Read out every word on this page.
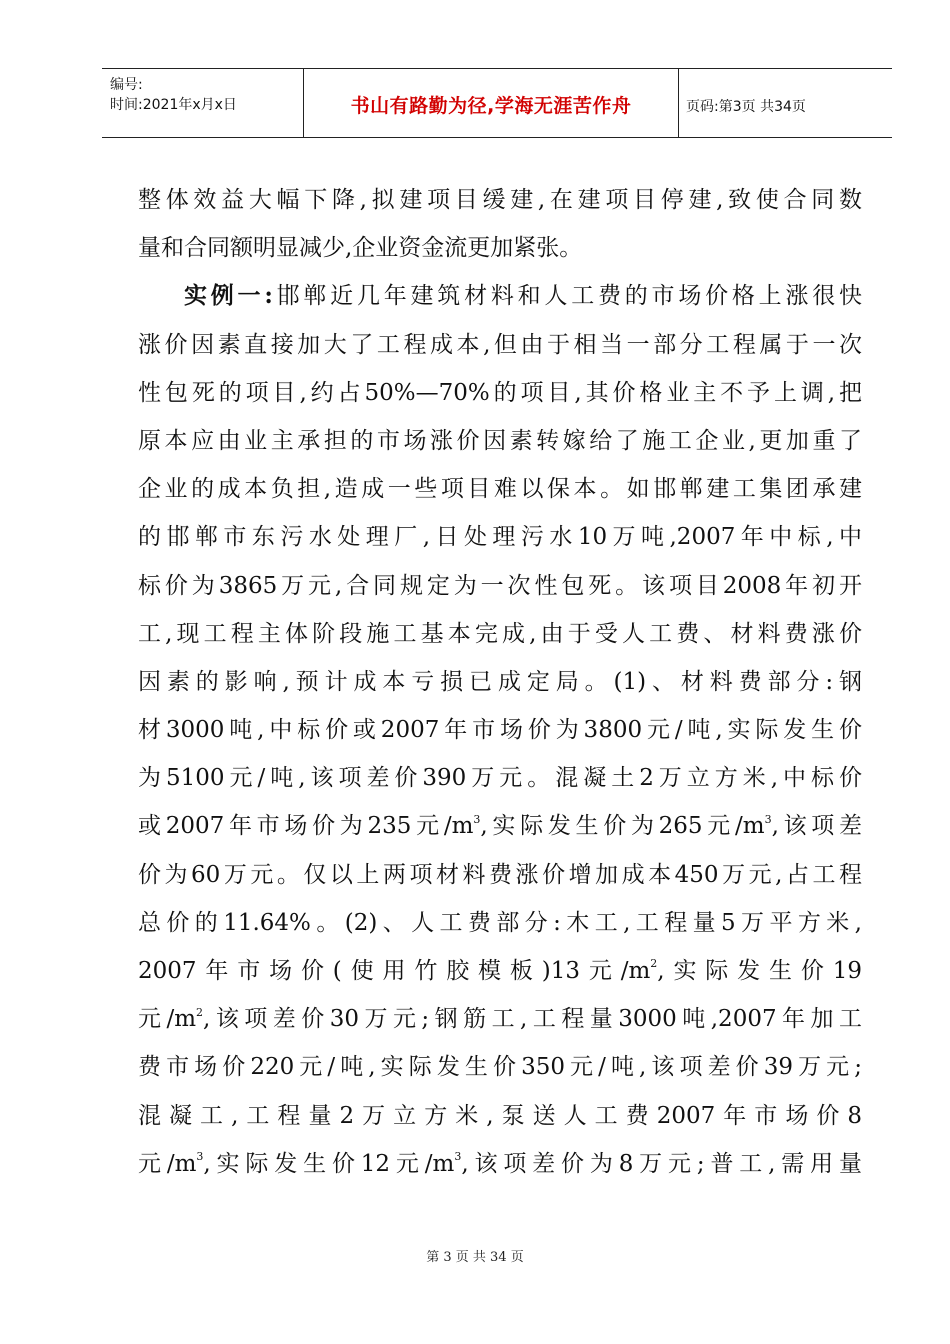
编号:
时间:2021年x月x日	书山有路勤为径,学海无涯苦作舟	页码:第3页 共34页
整体效益大幅下降,拟建项目缓建,在建项目停建,致使合同数
量和合同额明显减少,企业资金流更加紧张。
实例一:邯郸近几年建筑材料和人工费的市场价格上涨很快
涨价因素直接加大了工程成本,但由于相当一部分工程属于一次
性包死的项目,约占50%—70%的项目,其价格业主不予上调,把
原本应由业主承担的市场涨价因素转嫁给了施工企业,更加重了
企业的成本负担,造成一些项目难以保本。如邯郸建工集团承建
的邯郸市东污水处理厂,日处理污水10万吨,2007年中标,中
标价为3865万元,合同规定为一次性包死。该项目2008年初开
工,现工程主体阶段施工基本完成,由于受人工费、材料费涨价
因素的影响,预计成本亏损已成定局。(1)、材料费部分:钢
材3000吨,中标价或2007年市场价为3800元/吨,实际发生价
为5100元/吨,该项差价390万元。混凝土2万立方米,中标价
或2007年市场价为235元$/m^3$,实际发生价为265元$/m^3$,该项差
价为60万元。仅以上两项材料费涨价增加成本450万元,占工程
总价的11.64%。(2)、人工费部分:木工,工程量5万平方米,
2007年市场价(使用竹胶模板)13元$/m^2$,实际发生价19
元$/m^2$,该项差价30万元;钢筋工,工程量3000吨,2007年加工
费市场价220元/吨,实际发生价350元/吨,该项差价39万元;
混凝工,工程量2万立方米,泵送人工费2007年市场价8
元$/m^3$,实际发生价12元$/m^3$,该项差价为8万元;普工,需用量
第 3 页 共 34 页
